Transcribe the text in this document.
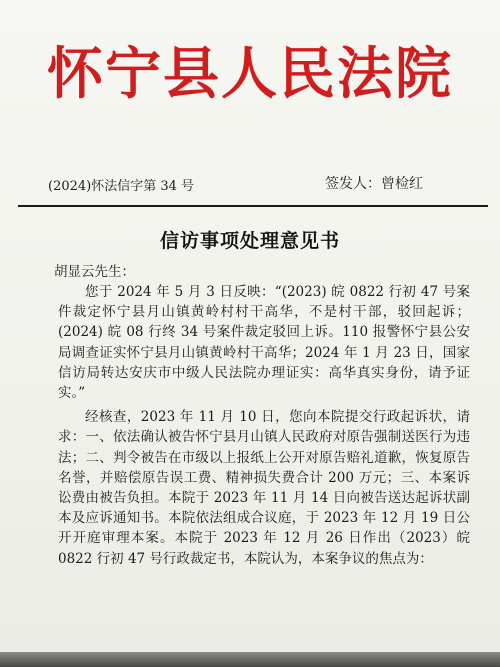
怀宁县人民法院
(2024)怀法信字第 34 号	签发人：曾检红
信访事项处理意见书
胡显云先生：

您于 2024 年 5 月 3 日反映：“(2023) 皖 0822 行初 47 号案件裁定怀宁县月山镇黄岭村村干高华，不是村干部，驳回起诉；(2024) 皖 08 行终 34 号案件裁定驳回上诉。110 报警怀宁县公安局调查证实怀宁县月山镇黄岭村干高华；2024 年 1 月 23 日，国家信访局转达安庆市中级人民法院办理证实：高华真实身份，请予证实。”

经核查，2023 年 11 月 10 日，您向本院提交行政起诉状，请求：一、依法确认被告怀宁县月山镇人民政府对原告强制送医行为违法；二、判令被告在市级以上报纸上公开对原告赔礼道歉，恢复原告名誉，并赔偿原告误工费、精神损失费合计 200 万元；三、本案诉讼费由被告负担。本院于 2023 年 11 月 14 日向被告送达起诉状副本及应诉通知书。本院依法组成合议庭，于 2023 年 12 月 19 日公开开庭审理本案。本院于 2023 年 12 月 26 日作出（2023）皖 0822 行初 47 号行政裁定书，本院认为，本案争议的焦点为：
